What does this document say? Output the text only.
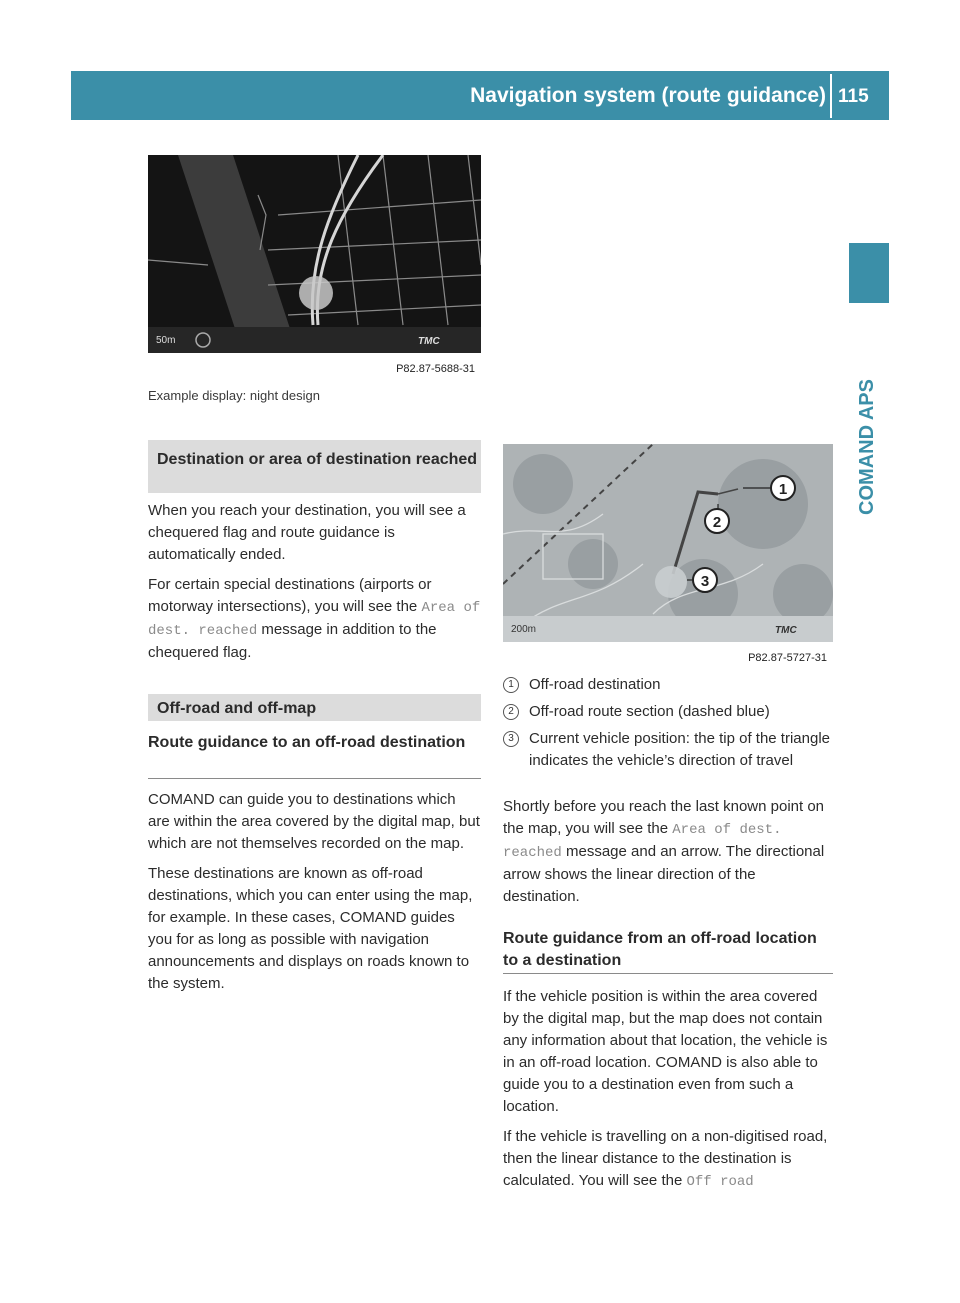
Navigation system (route guidance) 115
COMAND APS
50m	TMC
P82.87-5688-31
Example display: night design
1
2
3
200m	TMC
P82.87-5727-31
Destination or area of destination reached

When you reach your destination, you will see a chequered flag and route guidance is automatically ended.

For certain special destinations (airports or motorway intersections), you will see the Area of dest. reached message in addition to the chequered flag.

Off-road and off-map
Route guidance to an off-road destination

COMAND can guide you to destinations which are within the area covered by the digital map, but which are not themselves recorded on the map.

These destinations are known as off-road destinations, which you can enter using the map, for example. In these cases, COMAND guides you for as long as possible with navigation announcements and displays on roads known to the system.

1	Off-road destination
2	Off-road route section (dashed blue)
3	Current vehicle position: the tip of the triangle indicates the vehicle’s direction of travel

Shortly before you reach the last known point on the map, you will see the Area of dest. reached message and an arrow. The directional arrow shows the linear direction of the destination.

Route guidance from an off-road location to a destination

If the vehicle position is within the area covered by the digital map, but the map does not contain any information about that location, the vehicle is in an off-road location. COMAND is also able to guide you to a destination even from such a location.

If the vehicle is travelling on a non-digitised road, then the linear distance to the destination is calculated. You will see the Off road
